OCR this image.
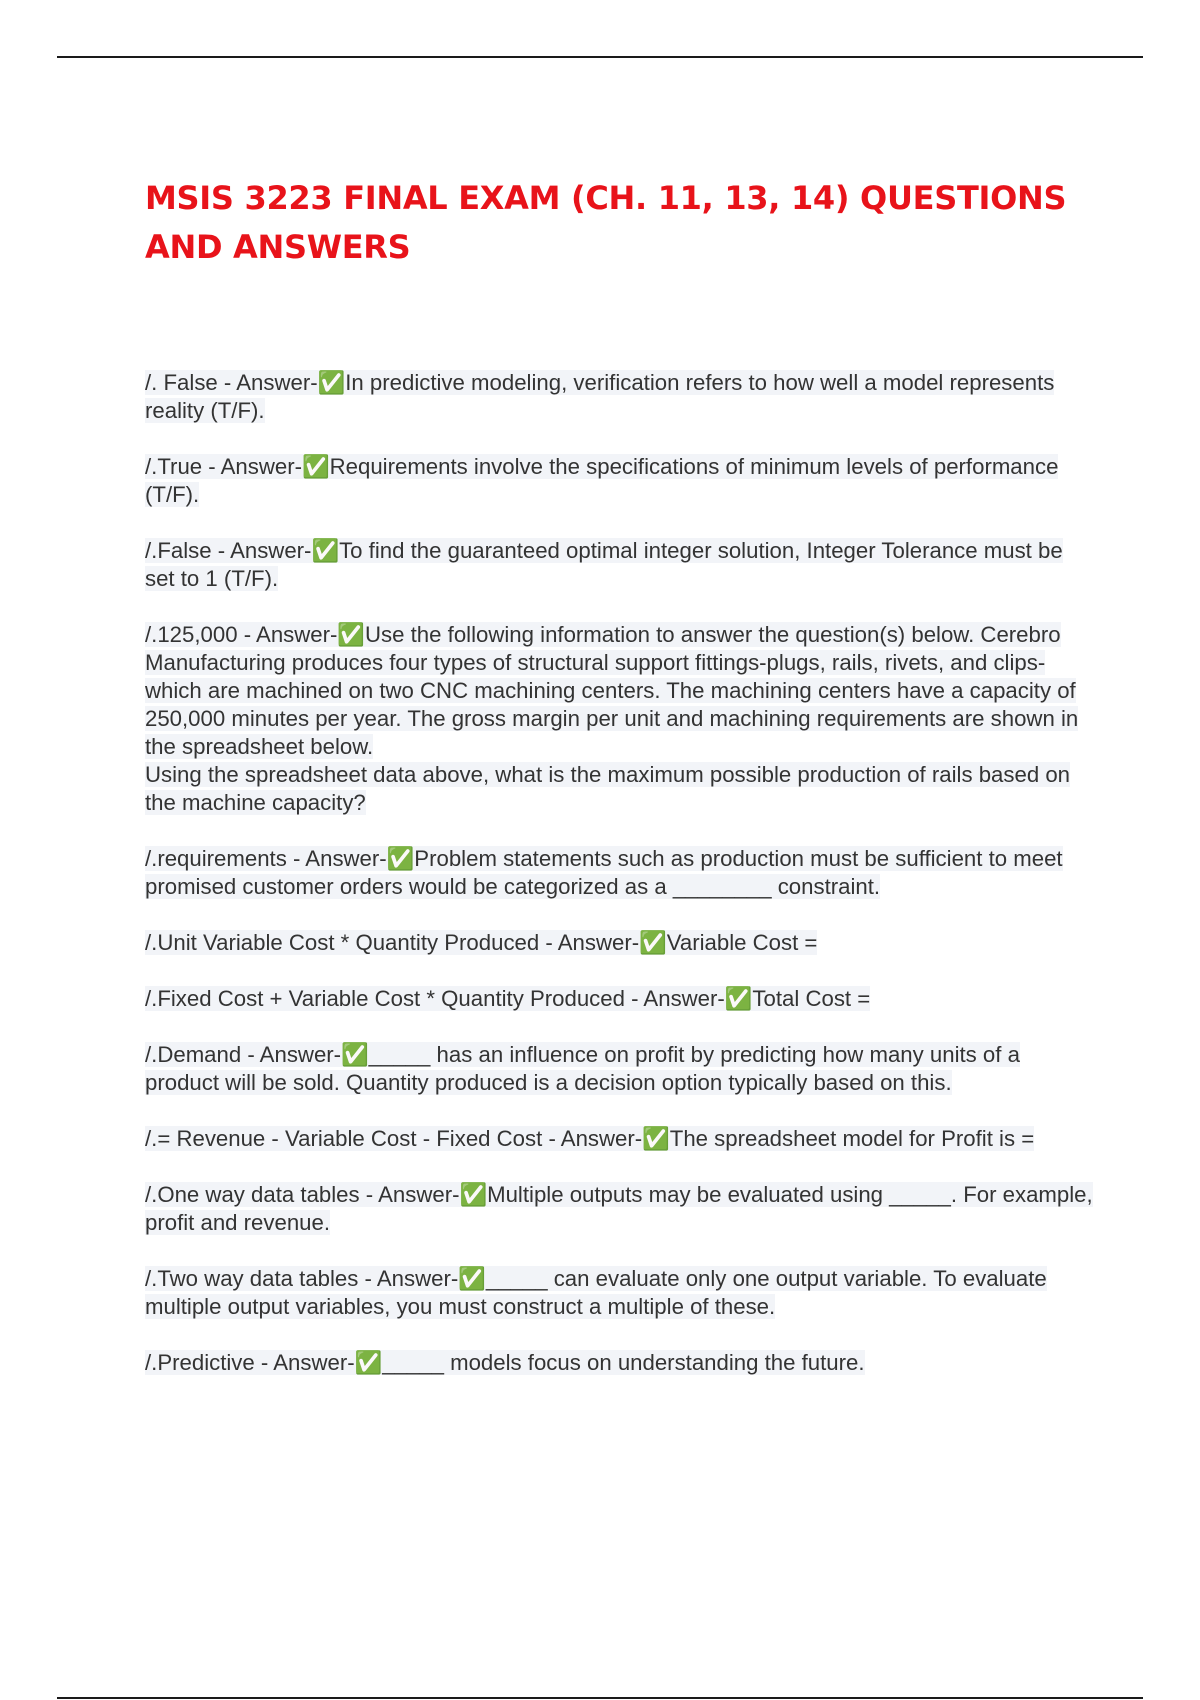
MSIS 3223 FINAL EXAM (CH. 11, 13, 14) QUESTIONS AND ANSWERS

/. False - Answer-✅In predictive modeling, verification refers to how well a model represents reality (T/F).

/.True - Answer-✅Requirements involve the specifications of minimum levels of performance (T/F).

/.False - Answer-✅To find the guaranteed optimal integer solution, Integer Tolerance must be set to 1 (T/F).

/.125,000 - Answer-✅Use the following information to answer the question(s) below. Cerebro Manufacturing produces four types of structural support fittings-plugs, rails, rivets, and clips-which are machined on two CNC machining centers. The machining centers have a capacity of 250,000 minutes per year. The gross margin per unit and machining requirements are shown in the spreadsheet below.
Using the spreadsheet data above, what is the maximum possible production of rails based on the machine capacity?

/.requirements - Answer-✅Problem statements such as production must be sufficient to meet promised customer orders would be categorized as a ________ constraint.

/.Unit Variable Cost * Quantity Produced - Answer-✅Variable Cost =

/.Fixed Cost + Variable Cost * Quantity Produced - Answer-✅Total Cost =

/.Demand - Answer-✅_____ has an influence on profit by predicting how many units of a product will be sold. Quantity produced is a decision option typically based on this.

/.= Revenue - Variable Cost - Fixed Cost - Answer-✅The spreadsheet model for Profit is =

/.One way data tables - Answer-✅Multiple outputs may be evaluated using _____. For example, profit and revenue.

/.Two way data tables - Answer-✅_____ can evaluate only one output variable. To evaluate multiple output variables, you must construct a multiple of these.

/.Predictive - Answer-✅_____ models focus on understanding the future.
